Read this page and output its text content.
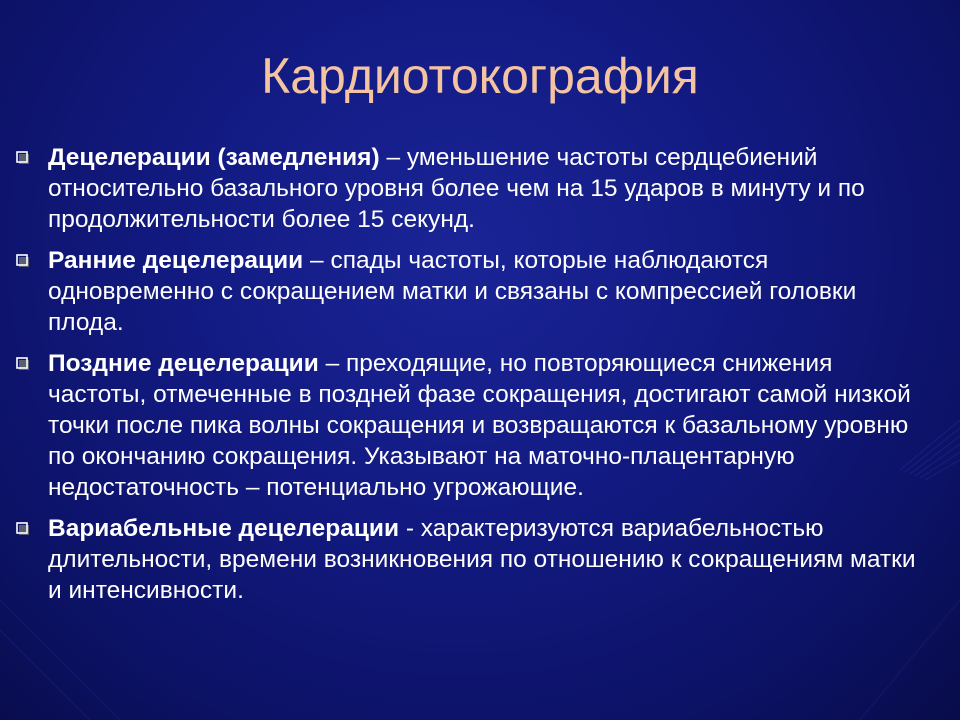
Кардиотокография
Децелерации (замедления) – уменьшение частоты сердцебиений относительно базального уровня более чем на 15 ударов в минуту и по продолжительности более 15 секунд.
Ранние децелерации – спады частоты, которые наблюдаются одновременно с сокращением матки и связаны с компрессией головки плода.
Поздние децелерации – преходящие, но повторяющиеся снижения частоты, отмеченные в поздней фазе сокращения, достигают самой низкой точки после пика волны сокращения и возвращаются к базальному уровню по окончанию сокращения. Указывают на маточно-плацентарную недостаточность – потенциально угрожающие.
Вариабельные децелерации - характеризуются вариабельностью длительности, времени возникновения по отношению к сокращениям матки и интенсивности.
